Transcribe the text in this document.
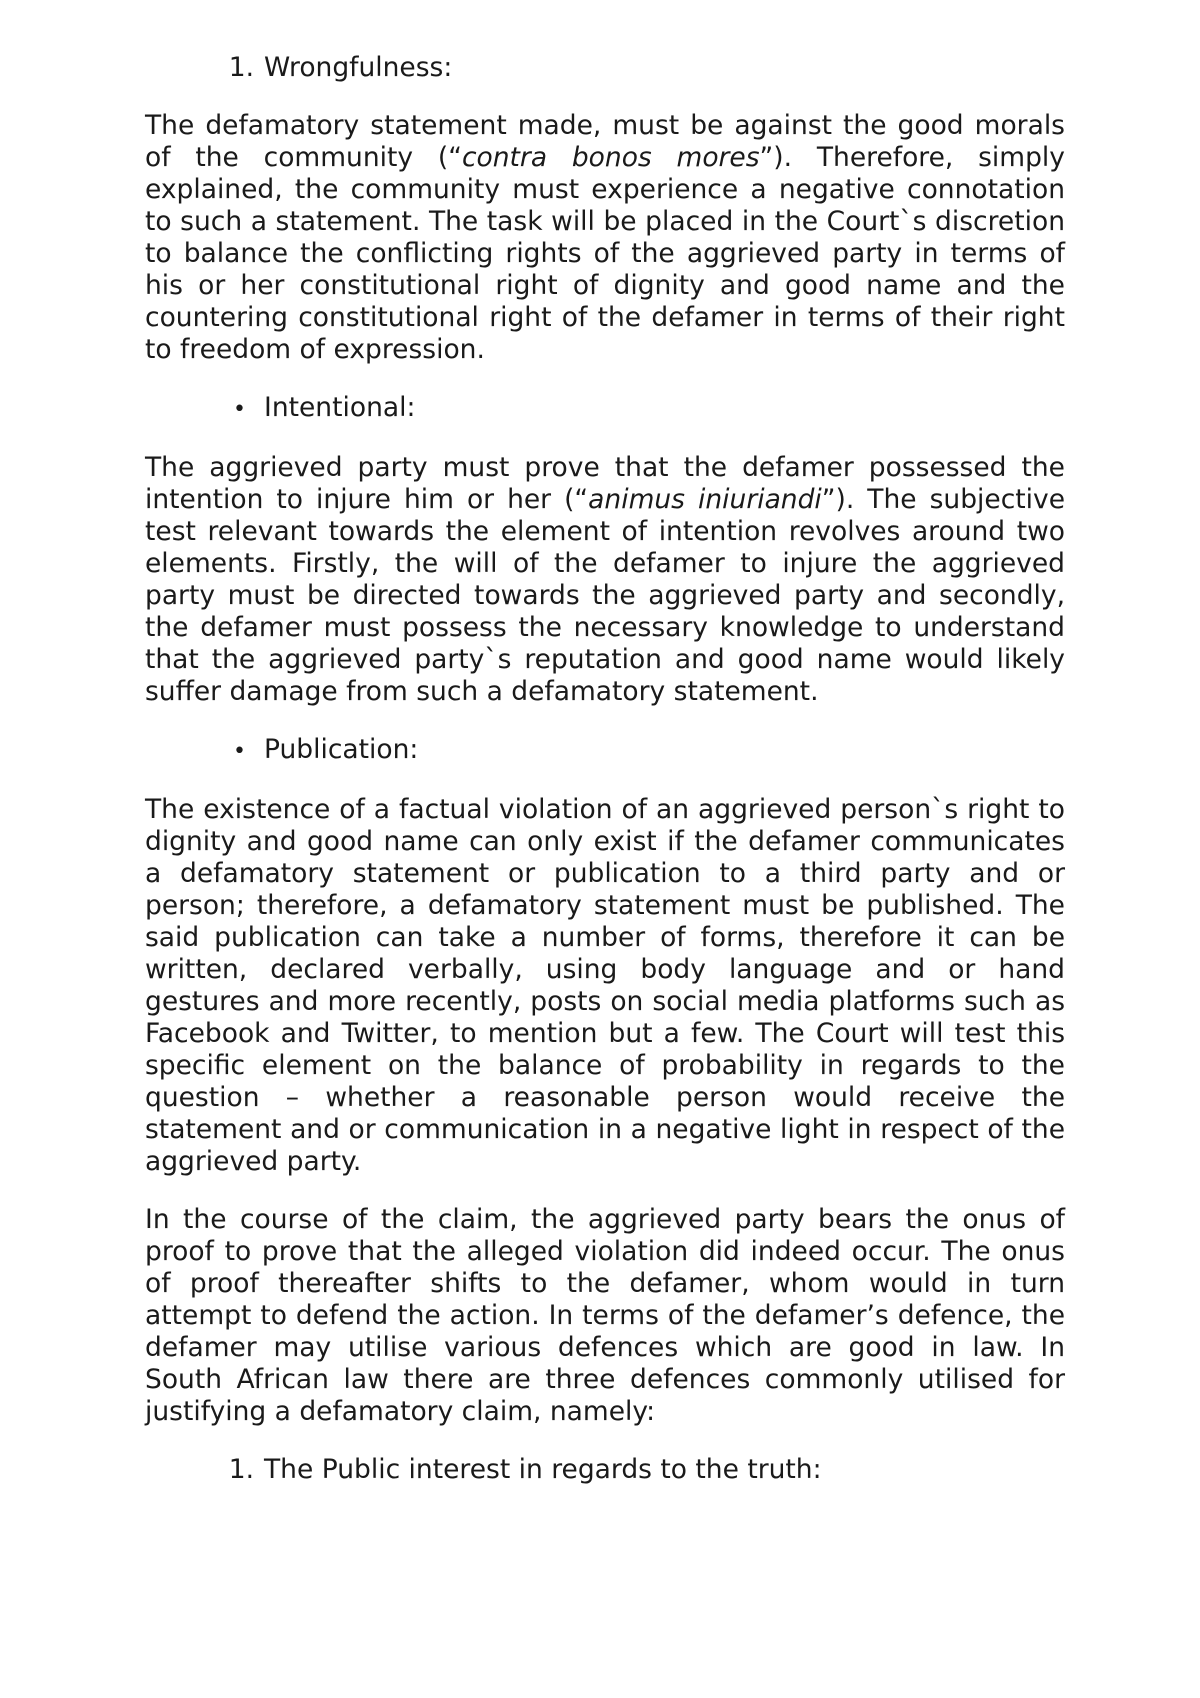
1. Wrongfulness:

The defamatory statement made, must be against the good morals of the community (“contra bonos mores”). Therefore, simply explained, the community must experience a negative connotation to such a statement. The task will be placed in the Court`s discretion to balance the conflicting rights of the aggrieved party in terms of his or her constitutional right of dignity and good name and the countering constitutional right of the defamer in terms of their right to freedom of expression.

• Intentional:

The aggrieved party must prove that the defamer possessed the intention to injure him or her (“animus iniuriandi”). The subjective test relevant towards the element of intention revolves around two elements. Firstly, the will of the defamer to injure the aggrieved party must be directed towards the aggrieved party and secondly, the defamer must possess the necessary knowledge to understand that the aggrieved party`s reputation and good name would likely suffer damage from such a defamatory statement.

• Publication:

The existence of a factual violation of an aggrieved person`s right to dignity and good name can only exist if the defamer communicates a defamatory statement or publication to a third party and or person; therefore, a defamatory statement must be published. The said publication can take a number of forms, therefore it can be written, declared verbally, using body language and or hand gestures and more recently, posts on social media platforms such as Facebook and Twitter, to mention but a few. The Court will test this specific element on the balance of probability in regards to the question – whether a reasonable person would receive the statement and or communication in a negative light in respect of the aggrieved party.

In the course of the claim, the aggrieved party bears the onus of proof to prove that the alleged violation did indeed occur. The onus of proof thereafter shifts to the defamer, whom would in turn attempt to defend the action. In terms of the defamer’s defence, the defamer may utilise various defences which are good in law. In South African law there are three defences commonly utilised for justifying a defamatory claim, namely:

1. The Public interest in regards to the truth:
